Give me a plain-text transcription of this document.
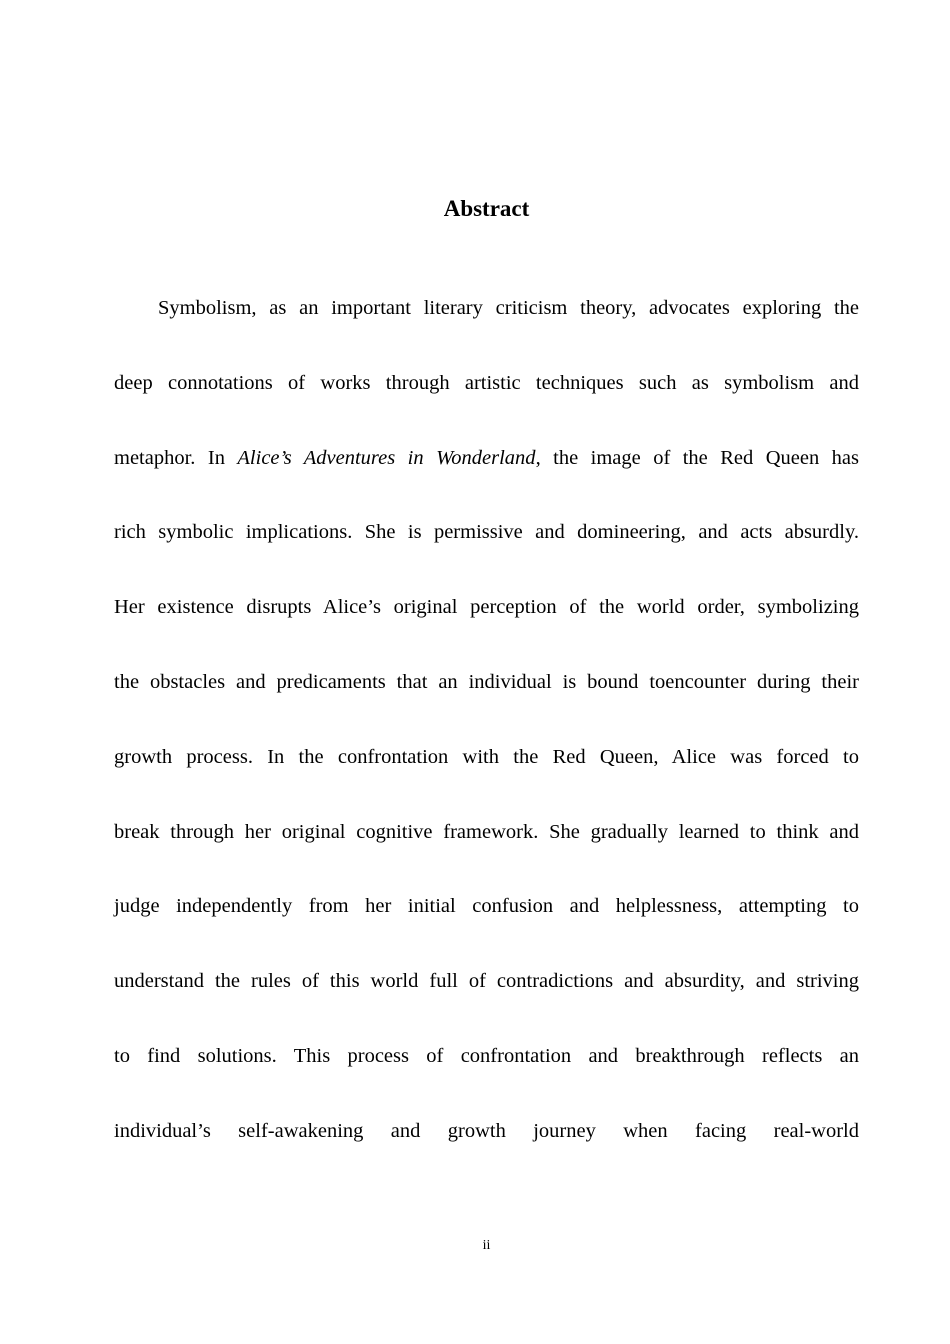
Abstract
Symbolism, as an important literary criticism theory, advocates exploring the
deep connotations of works through artistic techniques such as symbolism and
metaphor. In Alice’s Adventures in Wonderland, the image of the Red Queen has
rich symbolic implications. She is permissive and domineering, and acts absurdly.
Her existence disrupts Alice’s original perception of the world order, symbolizing
the obstacles and predicaments that an individual is bound toencounter during their
growth process. In the confrontation with the Red Queen, Alice was forced to
break through her original cognitive framework. She gradually learned to think and
judge independently from her initial confusion and helplessness, attempting to
understand the rules of this world full of contradictions and absurdity, and striving
to find solutions. This process of confrontation and breakthrough reflects an
individual’s self-awakening and growth journey when facing real-world
ii
